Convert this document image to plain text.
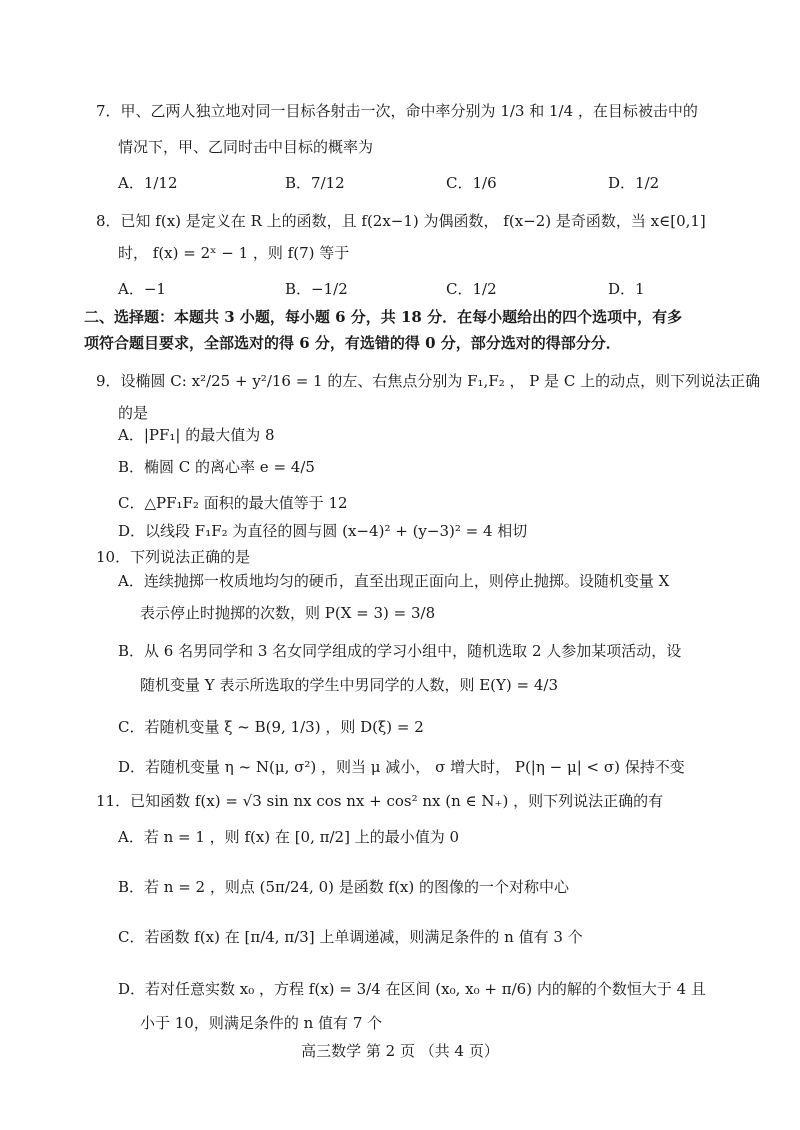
7．甲、乙两人独立地对同一目标各射击一次，命中率分别为 1/3 和 1/4 ，在目标被击中的
情况下，甲、乙同时击中目标的概率为
A．1/12	B．7/12	C．1/6	D．1/2
8．已知 f(x) 是定义在 R 上的函数，且 f(2x−1) 为偶函数， f(x−2) 是奇函数，当 x∈[0,1]
时， f(x) = 2ˣ − 1 ，则 f(7) 等于
A．−1	B．−1/2	C．1/2	D．1
二、选择题：本题共 3 小题，每小题 6 分，共 18 分．在每小题给出的四个选项中，有多
项符合题目要求，全部选对的得 6 分，有选错的得 0 分，部分选对的得部分分．
9．设椭圆 C: x²/25 + y²/16 = 1 的左、右焦点分别为 F₁,F₂ ， P 是 C 上的动点，则下列说法正确
的是
A．|PF₁| 的最大值为 8
B．椭圆 C 的离心率 e = 4/5
C．△PF₁F₂ 面积的最大值等于 12
D．以线段 F₁F₂ 为直径的圆与圆 (x−4)² + (y−3)² = 4 相切
10．下列说法正确的是
A．连续抛掷一枚质地均匀的硬币，直至出现正面向上，则停止抛掷。设随机变量 X
表示停止时抛掷的次数，则 P(X = 3) = 3/8
B．从 6 名男同学和 3 名女同学组成的学习小组中，随机选取 2 人参加某项活动，设
随机变量 Y 表示所选取的学生中男同学的人数，则 E(Y) = 4/3
C．若随机变量 ξ ~ B(9, 1/3) ，则 D(ξ) = 2
D．若随机变量 η ~ N(μ, σ²) ，则当 μ 减小， σ 增大时， P(|η − μ| < σ) 保持不变
11．已知函数 f(x) = √3 sin nx cos nx + cos² nx (n ∈ N₊) ，则下列说法正确的有
A．若 n = 1 ，则 f(x) 在 [0, π/2] 上的最小值为 0
B．若 n = 2 ，则点 (5π/24, 0) 是函数 f(x) 的图像的一个对称中心
C．若函数 f(x) 在 [π/4, π/3] 上单调递减，则满足条件的 n 值有 3 个
D．若对任意实数 x₀ ，方程 f(x) = 3/4 在区间 (x₀, x₀ + π/6) 内的解的个数恒大于 4 且
小于 10，则满足条件的 n 值有 7 个
高三数学 第 2 页 （共 4 页）
